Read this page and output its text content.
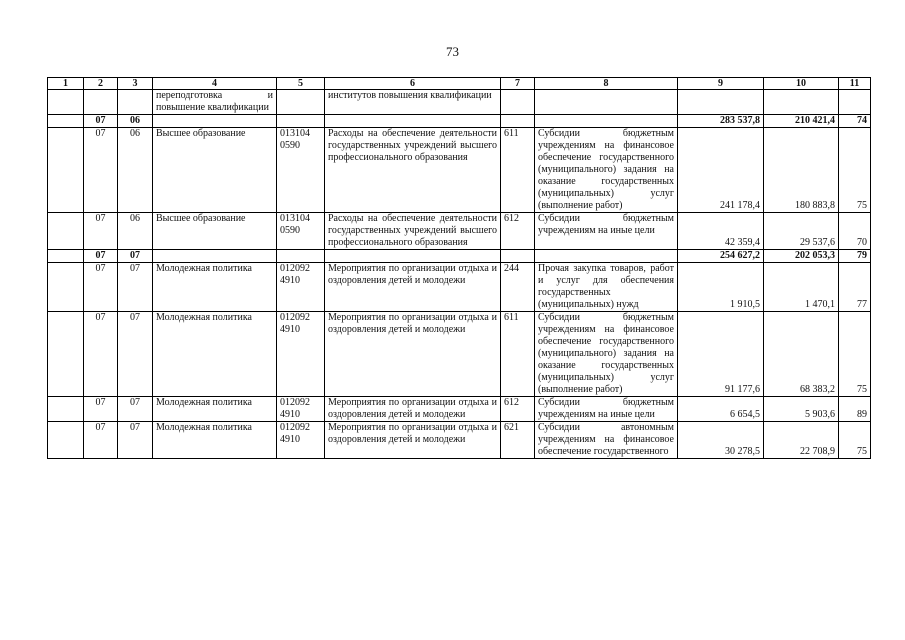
73
1	2	3	4	5	6	7	8	9	10	11
			переподготовка и повышение квалификации		институтов повышения квалификации					
	07	06						283 537,8	210 421,4	74
	07	06	Высшее образование	013104 0590	Расходы на обеспечение деятельности государственных учреждений высшего профессионального образования	611	Субсидии бюджетным учреждениям на финансовое обеспечение государственного (муниципального) задания на оказание государственных (муниципальных) услуг (выполнение работ)	241 178,4	180 883,8	75
	07	06	Высшее образование	013104 0590	Расходы на обеспечение деятельности государственных учреждений высшего профессионального образования	612	Субсидии бюджетным учреждениям на иные цели	42 359,4	29 537,6	70
	07	07						254 627,2	202 053,3	79
	07	07	Молодежная политика	012092 4910	Мероприятия по организации отдыха и оздоровления детей и молодежи	244	Прочая закупка товаров, работ и услуг для обеспечения государственных (муниципальных) нужд	1 910,5	1 470,1	77
	07	07	Молодежная политика	012092 4910	Мероприятия по организации отдыха и оздоровления детей и молодежи	611	Субсидии бюджетным учреждениям на финансовое обеспечение государственного (муниципального) задания на оказание государственных (муниципальных) услуг (выполнение работ)	91 177,6	68 383,2	75
	07	07	Молодежная политика	012092 4910	Мероприятия по организации отдыха и оздоровления детей и молодежи	612	Субсидии бюджетным учреждениям на иные цели	6 654,5	5 903,6	89
	07	07	Молодежная политика	012092 4910	Мероприятия по организации отдыха и оздоровления детей и молодежи	621	Субсидии автономным учреждениям на финансовое обеспечение государственного	30 278,5	22 708,9	75
